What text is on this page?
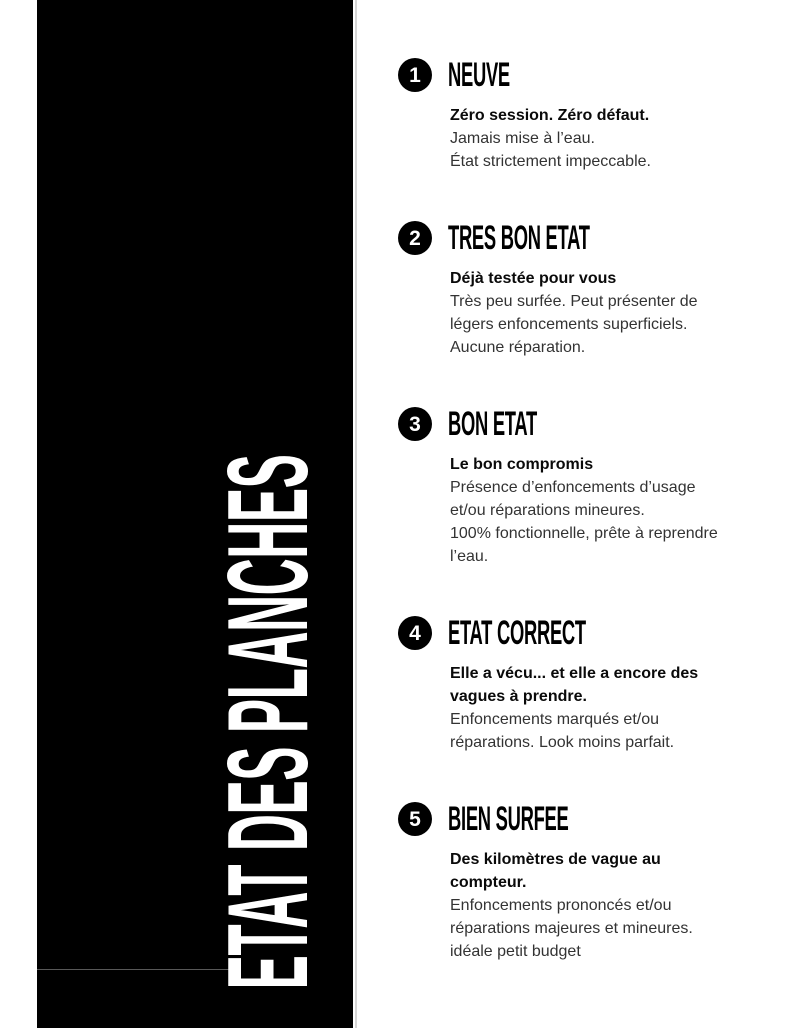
ETAT DES PLANCHES
1 NEUVE
Zéro session. Zéro défaut.
Jamais mise à l’eau.
État strictement impeccable.
2 TRES BON ETAT
Déjà testée pour vous
Très peu surfée. Peut présenter de
légers enfoncements superficiels.
Aucune réparation.
3 BON ETAT
Le bon compromis
Présence d’enfoncements d’usage
et/ou réparations mineures.
100% fonctionnelle, prête à reprendre
l’eau.
4 ETAT CORRECT
Elle a vécu... et elle a encore des
vagues à prendre.
Enfoncements marqués et/ou
réparations. Look moins parfait.
5 BIEN SURFEE
Des kilomètres de vague au
compteur.
Enfoncements prononcés et/ou
réparations majeures et mineures.
idéale petit budget
